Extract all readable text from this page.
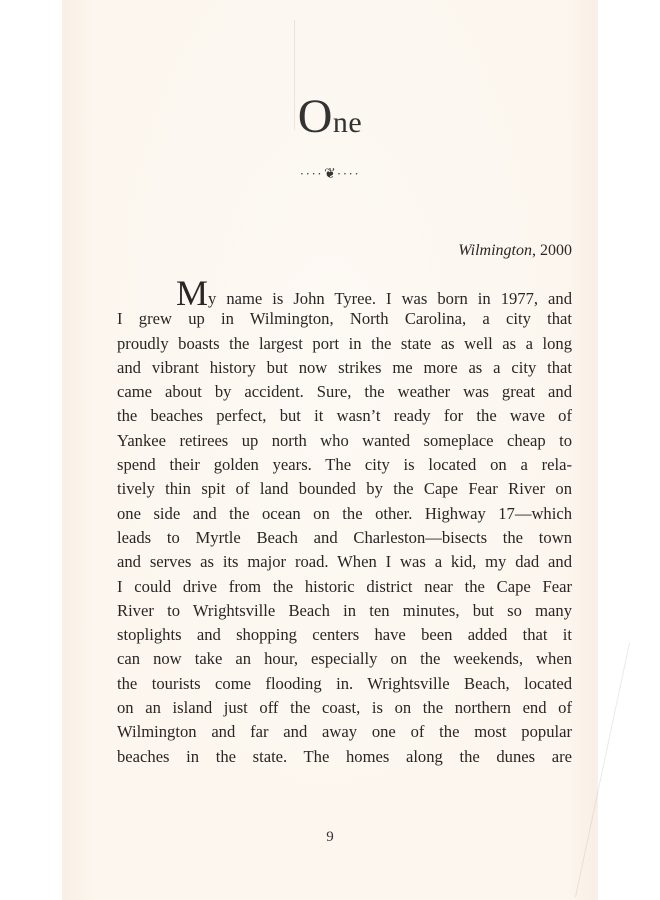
One
····❦····
Wilmington, 2000
My name is John Tyree. I was born in 1977, and
I grew up in Wilmington, North Carolina, a city that
proudly boasts the largest port in the state as well as a long
and vibrant history but now strikes me more as a city that
came about by accident. Sure, the weather was great and
the beaches perfect, but it wasn’t ready for the wave of
Yankee retirees up north who wanted someplace cheap to
spend their golden years. The city is located on a rela-
tively thin spit of land bounded by the Cape Fear River on
one side and the ocean on the other. Highway 17—which
leads to Myrtle Beach and Charleston—bisects the town
and serves as its major road. When I was a kid, my dad and
I could drive from the historic district near the Cape Fear
River to Wrightsville Beach in ten minutes, but so many
stoplights and shopping centers have been added that it
can now take an hour, especially on the weekends, when
the tourists come flooding in. Wrightsville Beach, located
on an island just off the coast, is on the northern end of
Wilmington and far and away one of the most popular
beaches in the state. The homes along the dunes are
9
